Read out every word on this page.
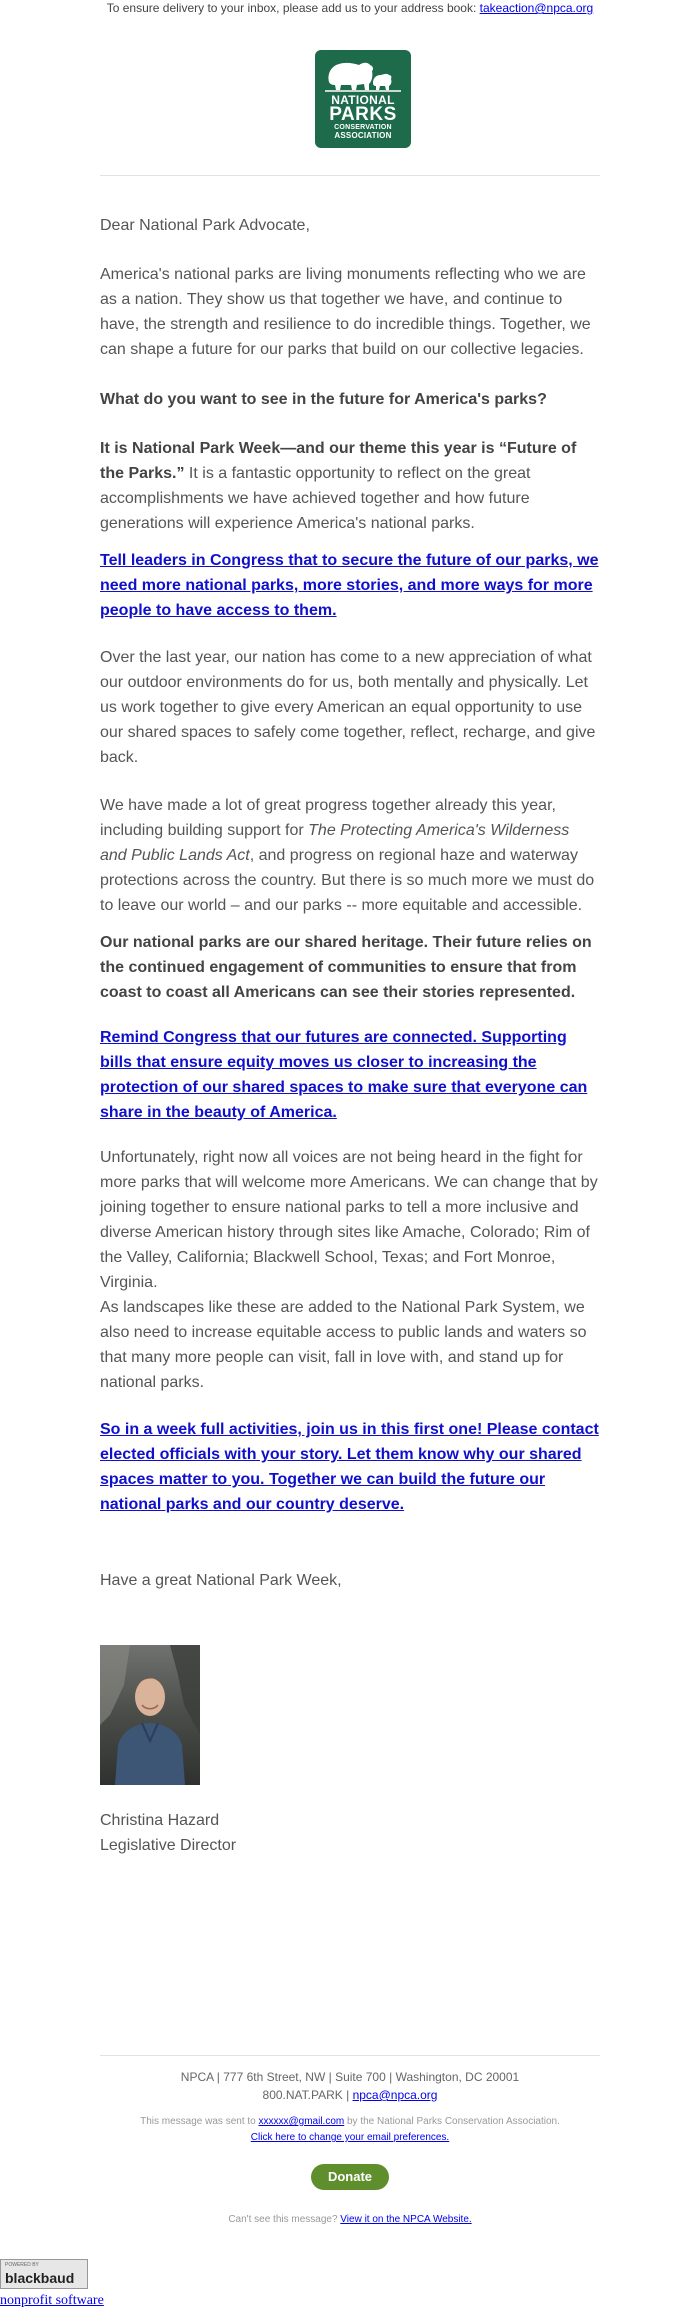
To ensure delivery to your inbox, please add us to your address book: takeaction@npca.org
NATIONAL
PARKS
CONSERVATION
ASSOCIATION

Dear National Park Advocate,

America's national parks are living monuments reflecting who we are as a nation. They show us that together we have, and continue to have, the strength and resilience to do incredible things. Together, we can shape a future for our parks that build on our collective legacies.

What do you want to see in the future for America's parks?

It is National Park Week—and our theme this year is “Future of the Parks.” It is a fantastic opportunity to reflect on the great accomplishments we have achieved together and how future generations will experience America's national parks.

Tell leaders in Congress that to secure the future of our parks, we need more national parks, more stories, and more ways for more people to have access to them.

Over the last year, our nation has come to a new appreciation of what our outdoor environments do for us, both mentally and physically. Let us work together to give every American an equal opportunity to use our shared spaces to safely come together, reflect, recharge, and give back.

We have made a lot of great progress together already this year, including building support for The Protecting America's Wilderness and Public Lands Act, and progress on regional haze and waterway protections across the country. But there is so much more we must do to leave our world – and our parks -- more equitable and accessible.

Our national parks are our shared heritage. Their future relies on the continued engagement of communities to ensure that from coast to coast all Americans can see their stories represented.

Remind Congress that our futures are connected. Supporting bills that ensure equity moves us closer to increasing the protection of our shared spaces to make sure that everyone can share in the beauty of America.

Unfortunately, right now all voices are not being heard in the fight for more parks that will welcome more Americans. We can change that by joining together to ensure national parks to tell a more inclusive and diverse American history through sites like Amache, Colorado; Rim of the Valley, California; Blackwell School, Texas; and Fort Monroe, Virginia.

As landscapes like these are added to the National Park System, we also need to increase equitable access to public lands and waters so that many more people can visit, fall in love with, and stand up for national parks.

So in a week full activities, join us in this first one! Please contact elected officials with your story. Let them know why our shared spaces matter to you. Together we can build the future our national parks and our country deserve.

Have a great National Park Week,

Christina Hazard

Legislative Director

NPCA | 777 6th Street, NW | Suite 700 | Washington, DC 20001
800.NAT.PARK | npca@npca.org
This message was sent to xxxxxx@gmail.com by the National Parks Conservation Association.
Click here to change your email preferences.
Donate
Can't see this message? View it on the NPCA Website.
POWERED BY
blackbaud
nonprofit software
